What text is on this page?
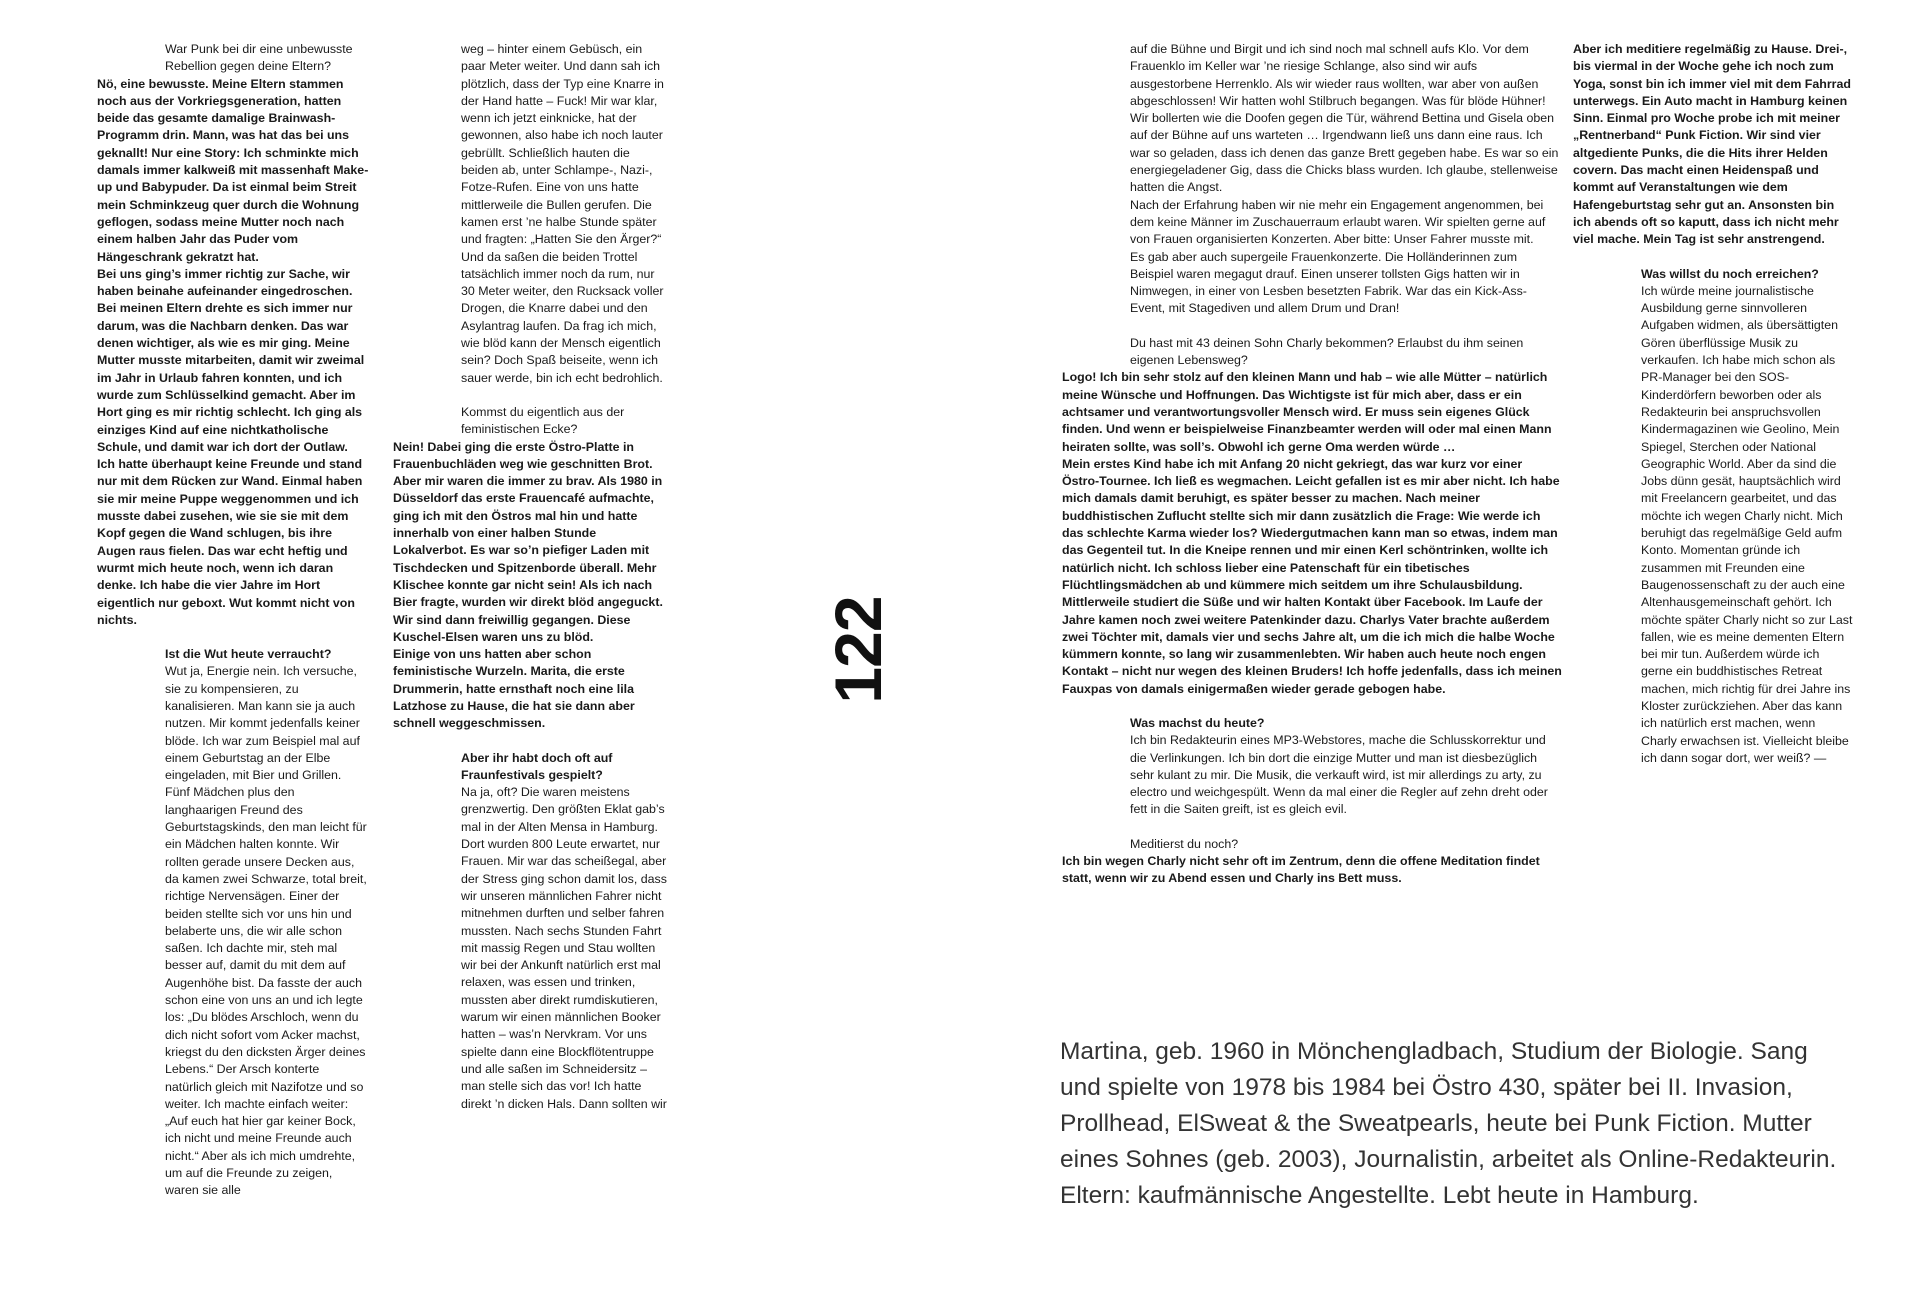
War Punk bei dir eine unbewusste Rebellion gegen deine Eltern?

Nö, eine bewusste. Meine Eltern stammen noch aus der Vorkriegsgeneration, hatten beide das gesamte damalige Brainwash-Programm drin. Mann, was hat das bei uns geknallt! Nur eine Story: Ich schminkte mich damals immer kalkweiß mit massenhaft Make-up und Babypuder. Da ist einmal beim Streit mein Schminkzeug quer durch die Wohnung geflogen, sodass meine Mutter noch nach einem halben Jahr das Puder vom Hängeschrank gekratzt hat.

Bei uns ging’s immer richtig zur Sache, wir haben beinahe aufeinander eingedroschen. Bei meinen Eltern drehte es sich immer nur darum, was die Nachbarn denken. Das war denen wichtiger, als wie es mir ging. Meine Mutter musste mitarbeiten, damit wir zweimal im Jahr in Urlaub fahren konnten, und ich wurde zum Schlüsselkind gemacht. Aber im Hort ging es mir richtig schlecht. Ich ging als einziges Kind auf eine nichtkatholische Schule, und damit war ich dort der Outlaw. Ich hatte überhaupt keine Freunde und stand nur mit dem Rücken zur Wand. Einmal haben sie mir meine Puppe weggenommen und ich musste dabei zusehen, wie sie sie mit dem Kopf gegen die Wand schlugen, bis ihre Augen raus fielen. Das war echt heftig und wurmt mich heute noch, wenn ich daran denke. Ich habe die vier Jahre im Hort eigentlich nur geboxt. Wut kommt nicht von nichts.

Ist die Wut heute verraucht?

Wut ja, Energie nein. Ich versuche, sie zu kompensieren, zu kanalisieren. Man kann sie ja auch nutzen. Mir kommt jedenfalls keiner blöde. Ich war zum Beispiel mal auf einem Geburtstag an der Elbe eingeladen, mit Bier und Grillen. Fünf Mädchen plus den langhaarigen Freund des Geburtstagskinds, den man leicht für ein Mädchen halten konnte. Wir rollten gerade unsere Decken aus, da kamen zwei Schwarze, total breit, richtige Nervensägen. Einer der beiden stellte sich vor uns hin und belaberte uns, die wir alle schon saßen. Ich dachte mir, steh mal besser auf, damit du mit dem auf Augenhöhe bist. Da fasste der auch schon eine von uns an und ich legte los: „Du blödes Arschloch, wenn du dich nicht sofort vom Acker machst, kriegst du den dicksten Ärger deines Lebens.“ Der Arsch konterte natürlich gleich mit Nazifotze und so weiter. Ich machte einfach weiter: „Auf euch hat hier gar keiner Bock, ich nicht und meine Freunde auch nicht.“ Aber als ich mich umdrehte, um auf die Freunde zu zeigen, waren sie alle

weg – hinter einem Gebüsch, ein paar Meter weiter. Und dann sah ich plötzlich, dass der Typ eine Knarre in der Hand hatte – Fuck! Mir war klar, wenn ich jetzt einknicke, hat der gewonnen, also habe ich noch lauter gebrüllt. Schließlich hauten die beiden ab, unter Schlampe-, Nazi-, Fotze-Rufen. Eine von uns hatte mittlerweile die Bullen gerufen. Die kamen erst ’ne halbe Stunde später und fragten: „Hatten Sie den Ärger?“ Und da saßen die beiden Trottel tatsächlich immer noch da rum, nur 30 Meter weiter, den Rucksack voller Drogen, die Knarre dabei und den Asylantrag laufen. Da frag ich mich, wie blöd kann der Mensch eigentlich sein? Doch Spaß beiseite, wenn ich sauer werde, bin ich echt bedrohlich.

Kommst du eigentlich aus der feministischen Ecke?

Nein! Dabei ging die erste Östro-Platte in Frauenbuchläden weg wie geschnitten Brot. Aber mir waren die immer zu brav. Als 1980 in Düsseldorf das erste Frauencafé aufmachte, ging ich mit den Östros mal hin und hatte innerhalb von einer halben Stunde Lokalverbot. Es war so’n piefiger Laden mit Tischdecken und Spitzenborde überall. Mehr Klischee konnte gar nicht sein! Als ich nach Bier fragte, wurden wir direkt blöd angeguckt. Wir sind dann freiwillig gegangen. Diese Kuschel-Elsen waren uns zu blöd.

Einige von uns hatten aber schon feministische Wurzeln. Marita, die erste Drummerin, hatte ernsthaft noch eine lila Latzhose zu Hause, die hat sie dann aber schnell weggeschmissen.

Aber ihr habt doch oft auf Fraunfestivals gespielt?

Na ja, oft? Die waren meistens grenzwertig. Den größten Eklat gab’s mal in der Alten Mensa in Hamburg. Dort wurden 800 Leute erwartet, nur Frauen. Mir war das scheißegal, aber der Stress ging schon damit los, dass wir unseren männlichen Fahrer nicht mitnehmen durften und selber fahren mussten. Nach sechs Stunden Fahrt mit massig Regen und Stau wollten wir bei der Ankunft natürlich erst mal relaxen, was essen und trinken, mussten aber direkt rumdiskutieren, warum wir einen männlichen Booker hatten – was’n Nervkram. Vor uns spielte dann eine Blockflötentruppe und alle saßen im Schneidersitz – man stelle sich das vor! Ich hatte direkt ’n dicken Hals. Dann sollten wir

auf die Bühne und Birgit und ich sind noch mal schnell aufs Klo. Vor dem Frauenklo im Keller war ’ne riesige Schlange, also sind wir aufs ausgestorbene Herrenklo. Als wir wieder raus wollten, war aber von außen abgeschlossen! Wir hatten wohl Stilbruch begangen. Was für blöde Hühner! Wir bollerten wie die Doofen gegen die Tür, während Bettina und Gisela oben auf der Bühne auf uns warteten … Irgendwann ließ uns dann eine raus. Ich war so geladen, dass ich denen das ganze Brett gegeben habe. Es war so ein energiegeladener Gig, dass die Chicks blass wurden. Ich glaube, stellenweise hatten die Angst.

Nach der Erfahrung haben wir nie mehr ein Engagement angenommen, bei dem keine Männer im Zuschauerraum erlaubt waren. Wir spielten gerne auf von Frauen organisierten Konzerten. Aber bitte: Unser Fahrer musste mit.

Es gab aber auch supergeile Frauenkonzerte. Die Holländerinnen zum Beispiel waren megagut drauf. Einen unserer tollsten Gigs hatten wir in Nimwegen, in einer von Lesben besetzten Fabrik. War das ein Kick-Ass-Event, mit Stagediven und allem Drum und Dran!

Du hast mit 43 deinen Sohn Charly bekommen? Erlaubst du ihm seinen eigenen Lebensweg?

Logo! Ich bin sehr stolz auf den kleinen Mann und hab – wie alle Mütter – natürlich meine Wünsche und Hoffnungen. Das Wichtigste ist für mich aber, dass er ein achtsamer und verantwortungsvoller Mensch wird. Er muss sein eigenes Glück finden. Und wenn er beispielweise Finanzbeamter werden will oder mal einen Mann heiraten sollte, was soll’s. Obwohl ich gerne Oma werden würde …

Mein erstes Kind habe ich mit Anfang 20 nicht gekriegt, das war kurz vor einer Östro-Tournee. Ich ließ es wegmachen. Leicht gefallen ist es mir aber nicht. Ich habe mich damals damit beruhigt, es später besser zu machen. Nach meiner buddhistischen Zuflucht stellte sich mir dann zusätzlich die Frage: Wie werde ich das schlechte Karma wieder los? Wiedergutmachen kann man so etwas, indem man das Gegenteil tut. In die Kneipe rennen und mir einen Kerl schöntrinken, wollte ich natürlich nicht. Ich schloss lieber eine Patenschaft für ein tibetisches Flüchtlingsmädchen ab und kümmere mich seitdem um ihre Schulausbildung. Mittlerweile studiert die Süße und wir halten Kontakt über Facebook. Im Laufe der Jahre kamen noch zwei weitere Patenkinder dazu. Charlys Vater brachte außerdem zwei Töchter mit, damals vier und sechs Jahre alt, um die ich mich die halbe Woche kümmern konnte, so lang wir zusammenlebten. Wir haben auch heute noch engen Kontakt – nicht nur wegen des kleinen Bruders! Ich hoffe jedenfalls, dass ich meinen Fauxpas von damals einigermaßen wieder gerade gebogen habe.

Was machst du heute?

Ich bin Redakteurin eines MP3-Webstores, mache die Schlusskorrektur und die Verlinkungen. Ich bin dort die einzige Mutter und man ist diesbezüglich sehr kulant zu mir. Die Musik, die verkauft wird, ist mir allerdings zu arty, zu electro und weichgespült. Wenn da mal einer die Regler auf zehn dreht oder fett in die Saiten greift, ist es gleich evil.

Meditierst du noch?

Ich bin wegen Charly nicht sehr oft im Zentrum, denn die offene Meditation findet statt, wenn wir zu Abend essen und Charly ins Bett muss.

Aber ich meditiere regelmäßig zu Hause. Drei-, bis viermal in der Woche gehe ich noch zum Yoga, sonst bin ich immer viel mit dem Fahrrad unterwegs. Ein Auto macht in Hamburg keinen Sinn. Einmal pro Woche probe ich mit meiner „Rentnerband“ Punk Fiction. Wir sind vier altgediente Punks, die die Hits ihrer Helden covern. Das macht einen Heidenspaß und kommt auf Veranstaltungen wie dem Hafengeburtstag sehr gut an. Ansonsten bin ich abends oft so kaputt, dass ich nicht mehr viel mache. Mein Tag ist sehr anstrengend.

Was willst du noch erreichen?

Ich würde meine journalistische Ausbildung gerne sinnvolleren Aufgaben widmen, als übersättigten Gören überflüssige Musik zu verkaufen. Ich habe mich schon als PR-Manager bei den SOS-Kinderdörfern beworben oder als Redakteurin bei anspruchsvollen Kindermagazinen wie Geolino, Mein Spiegel, Sterchen oder National Geographic World. Aber da sind die Jobs dünn gesät, hauptsächlich wird mit Freelancern gearbeitet, und das möchte ich wegen Charly nicht. Mich beruhigt das regelmäßige Geld aufm Konto. Momentan gründe ich zusammen mit Freunden eine Baugenossenschaft zu der auch eine Altenhausgemeinschaft gehört. Ich möchte später Charly nicht so zur Last fallen, wie es meine dementen Eltern bei mir tun. Außerdem würde ich gerne ein buddhistisches Retreat machen, mich richtig für drei Jahre ins Kloster zurückziehen. Aber das kann ich natürlich erst machen, wenn Charly erwachsen ist. Vielleicht bleibe ich dann sogar dort, wer weiß? —

122
Martina, geb. 1960 in Mönchengladbach, Studium der Biologie. Sang und spielte von 1978 bis 1984 bei Östro 430, später bei II. Invasion, Prollhead, ElSweat & the Sweatpearls, heute bei Punk Fiction. Mutter eines Sohnes (geb. 2003), Journalistin, arbeitet als Online-Redakteurin. Eltern: kaufmännische Angestellte. Lebt heute in Hamburg.
